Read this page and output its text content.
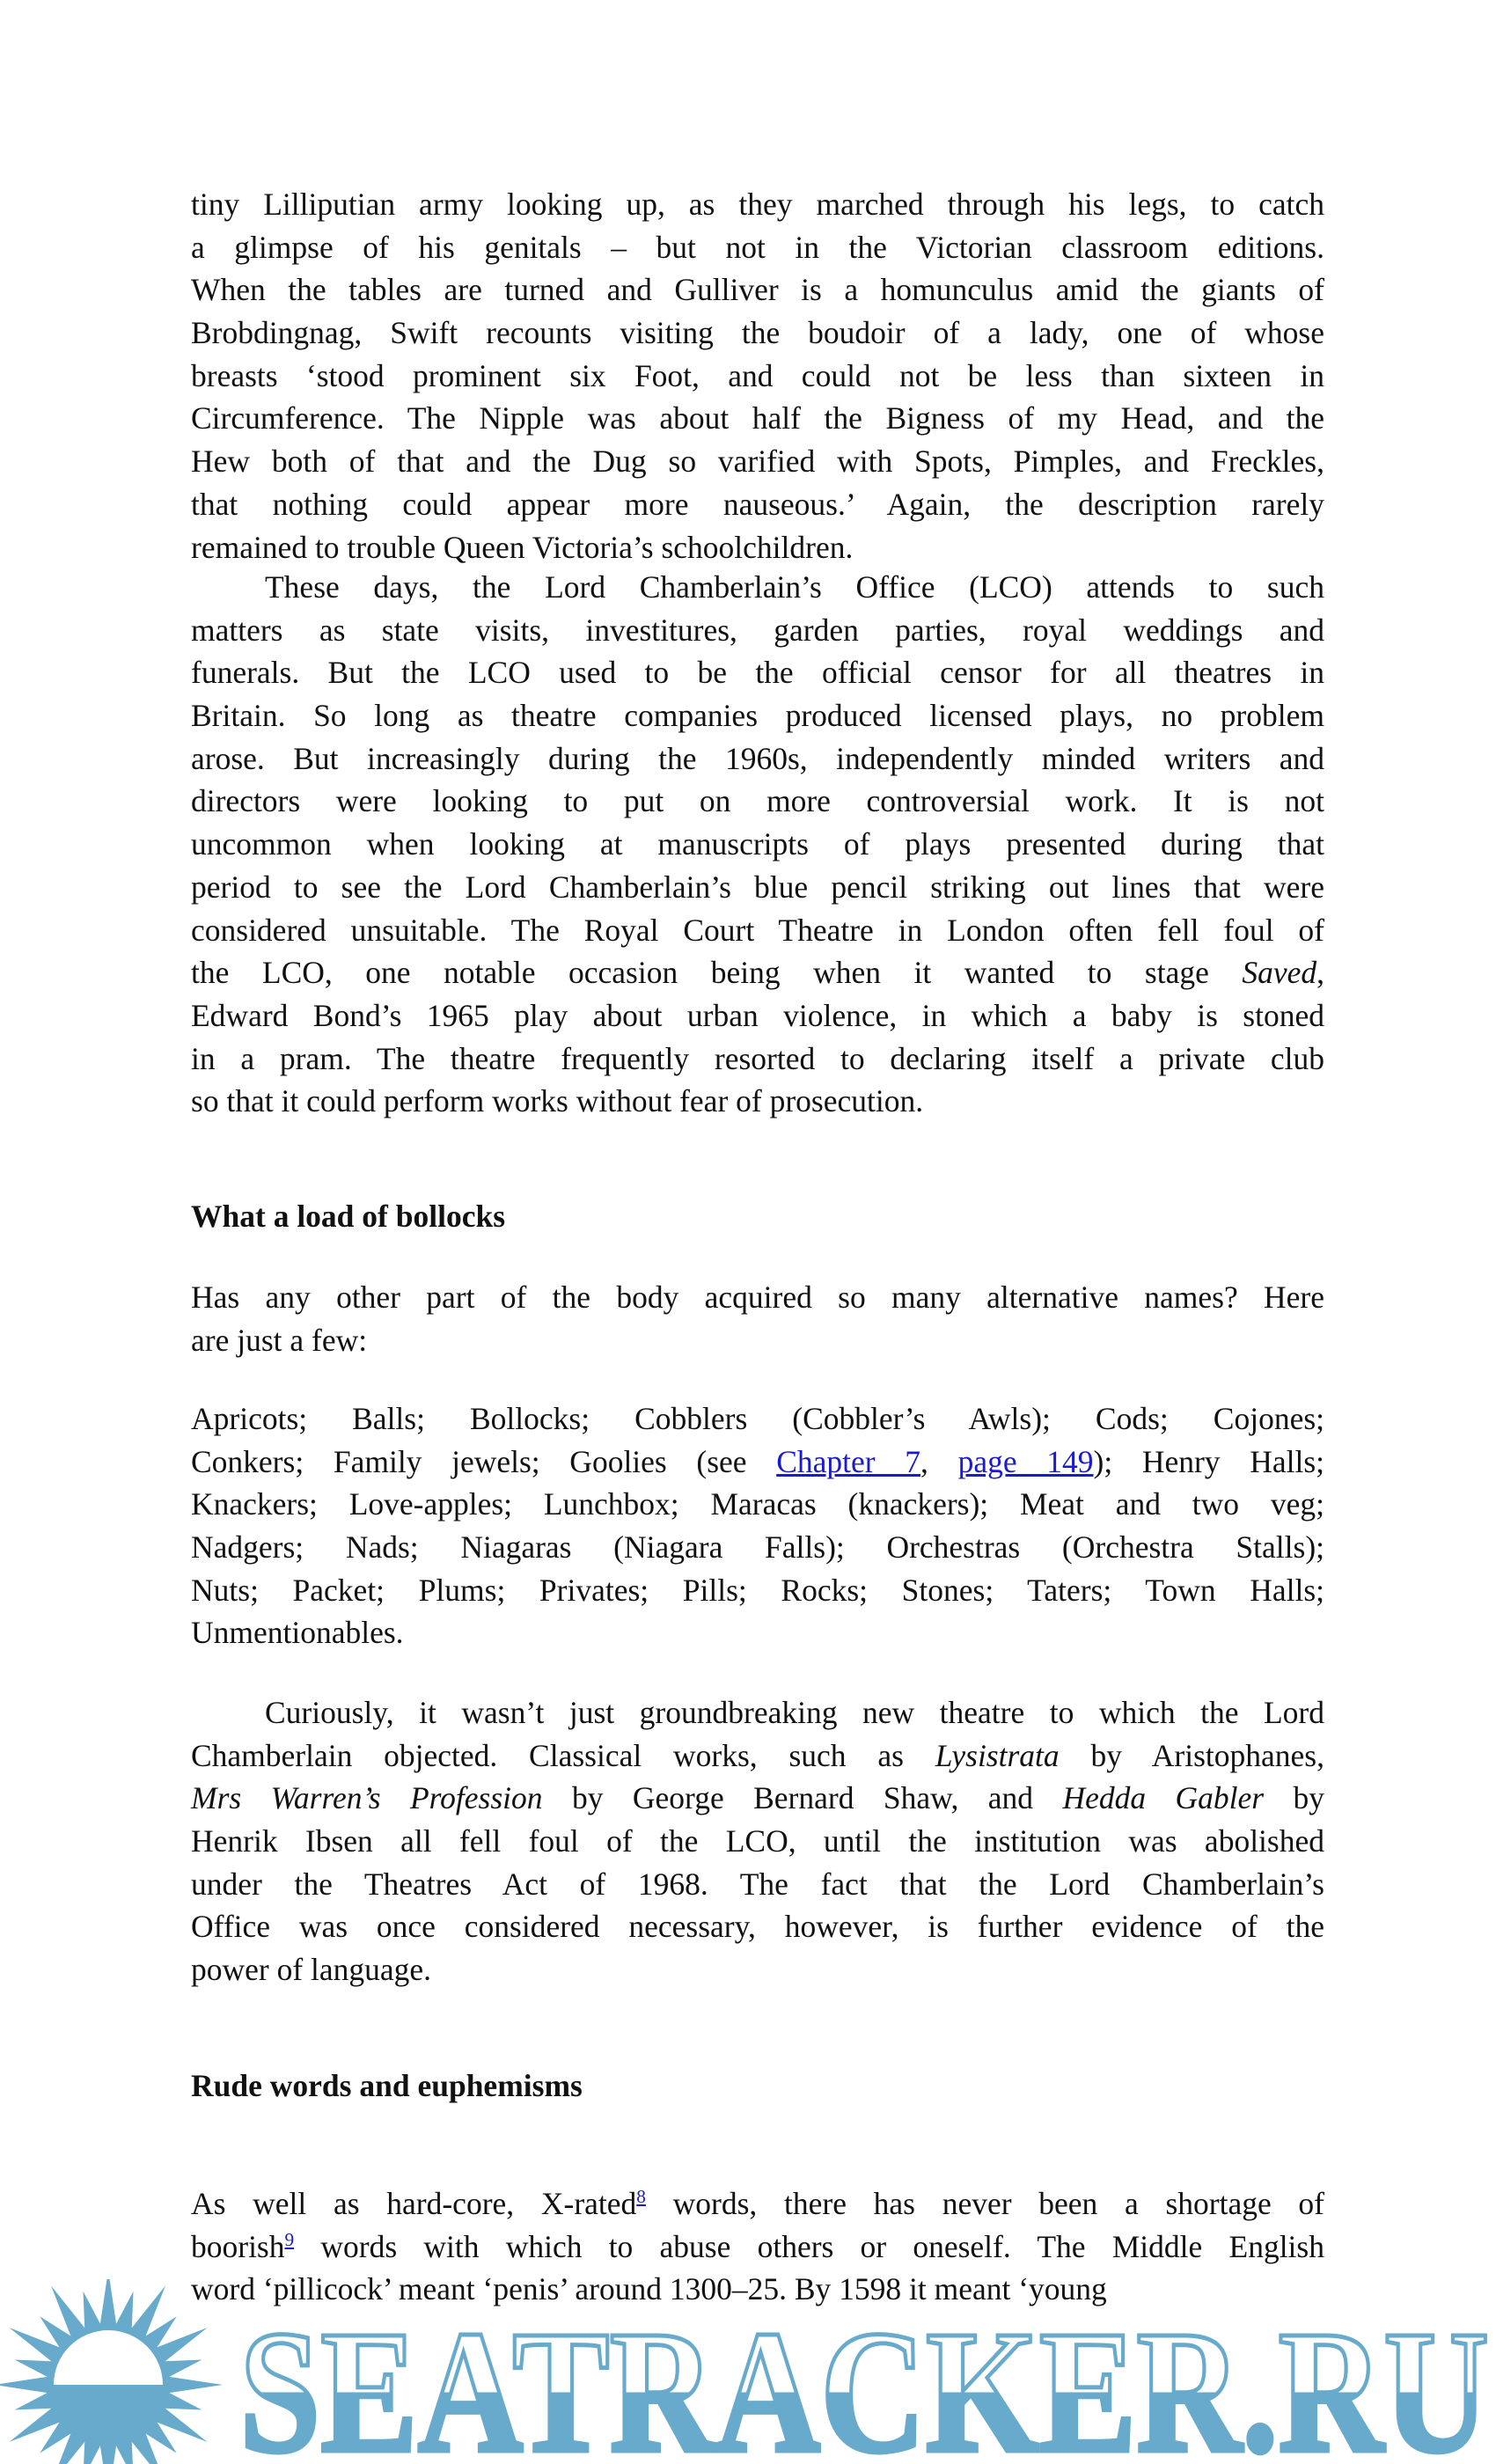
tiny Lilliputian army looking up, as they marched through his legs, to catch
a glimpse of his genitals – but not in the Victorian classroom editions.
When the tables are turned and Gulliver is a homunculus amid the giants of
Brobdingnag, Swift recounts visiting the boudoir of a lady, one of whose
breasts ‘stood prominent six Foot, and could not be less than sixteen in
Circumference. The Nipple was about half the Bigness of my Head, and the
Hew both of that and the Dug so varified with Spots, Pimples, and Freckles,
that nothing could appear more nauseous.’ Again, the description rarely
remained to trouble Queen Victoria’s schoolchildren.
These days, the Lord Chamberlain’s Office (LCO) attends to such
matters as state visits, investitures, garden parties, royal weddings and
funerals. But the LCO used to be the official censor for all theatres in
Britain. So long as theatre companies produced licensed plays, no problem
arose. But increasingly during the 1960s, independently minded writers and
directors were looking to put on more controversial work. It is not
uncommon when looking at manuscripts of plays presented during that
period to see the Lord Chamberlain’s blue pencil striking out lines that were
considered unsuitable. The Royal Court Theatre in London often fell foul of
the LCO, one notable occasion being when it wanted to stage Saved,
Edward Bond’s 1965 play about urban violence, in which a baby is stoned
in a pram. The theatre frequently resorted to declaring itself a private club
so that it could perform works without fear of prosecution.
What a load of bollocks
Has any other part of the body acquired so many alternative names? Here
are just a few:
Apricots; Balls; Bollocks; Cobblers (Cobbler’s Awls); Cods; Cojones;
Conkers; Family jewels; Goolies (see Chapter 7, page 149); Henry Halls;
Knackers; Love-apples; Lunchbox; Maracas (knackers); Meat and two veg;
Nadgers; Nads; Niagaras (Niagara Falls); Orchestras (Orchestra Stalls);
Nuts; Packet; Plums; Privates; Pills; Rocks; Stones; Taters; Town Halls;
Unmentionables.
Curiously, it wasn’t just groundbreaking new theatre to which the Lord
Chamberlain objected. Classical works, such as Lysistrata by Aristophanes,
Mrs Warren’s Profession by George Bernard Shaw, and Hedda Gabler by
Henrik Ibsen all fell foul of the LCO, until the institution was abolished
under the Theatres Act of 1968. The fact that the Lord Chamberlain’s
Office was once considered necessary, however, is further evidence of the
power of language.
Rude words and euphemisms
As well as hard-core, X-rated$^8$ words, there has never been a shortage of
boorish$^9$ words with which to abuse others or oneself. The Middle English
word ‘pillicock’ meant ‘penis’ around 1300–25. By 1598 it meant ‘young
SEATRACKER.RU
